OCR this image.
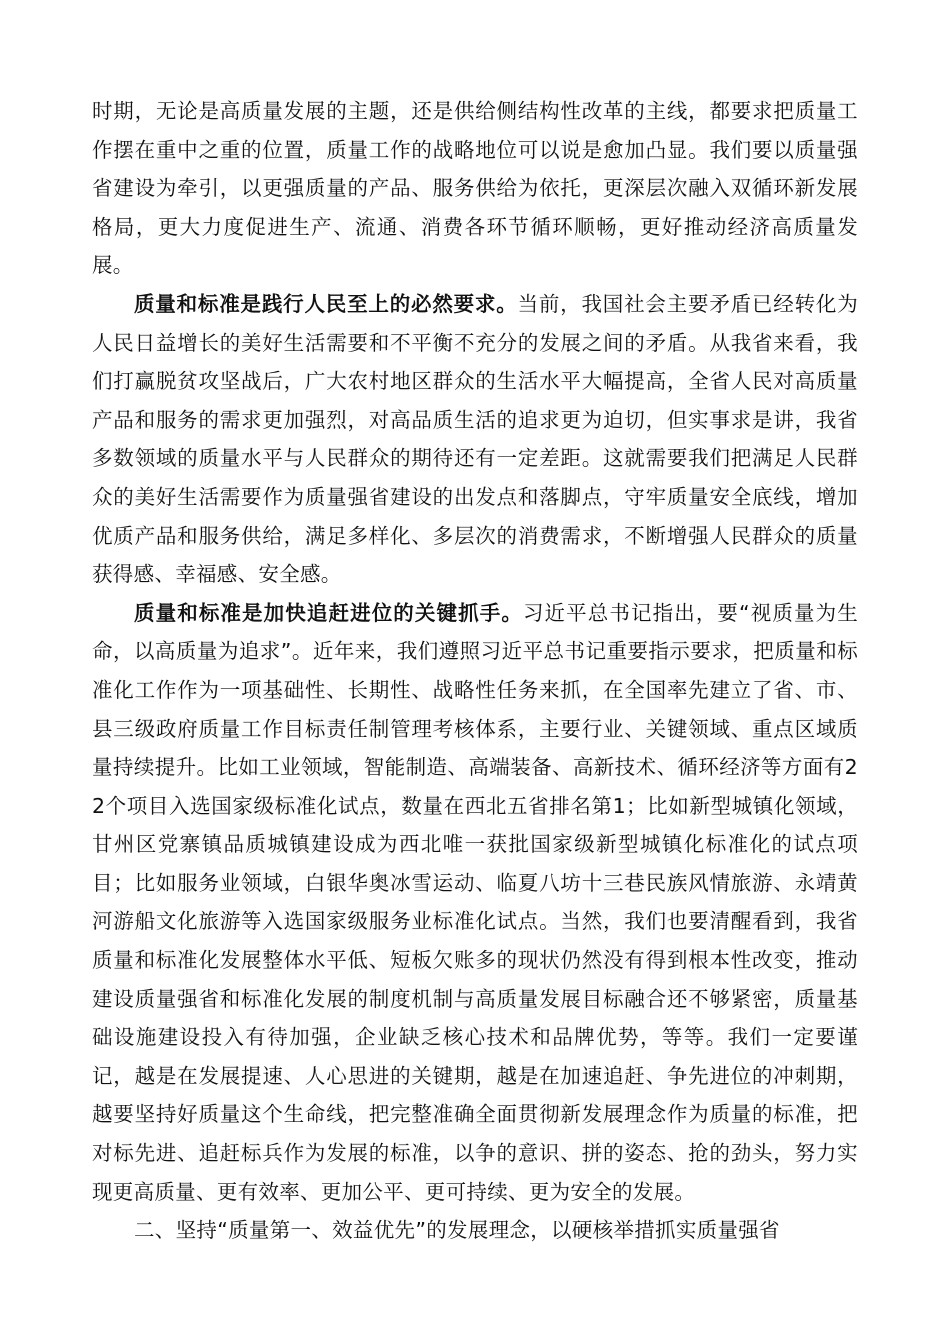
时期，无论是高质量发展的主题，还是供给侧结构性改革的主线，都要求把质量工作摆在重中之重的位置，质量工作的战略地位可以说是愈加凸显。我们要以质量强省建设为牵引，以更强质量的产品、服务供给为依托，更深层次融入双循环新发展格局，更大力度促进生产、流通、消费各环节循环顺畅，更好推动经济高质量发展。

质量和标准是践行人民至上的必然要求。当前，我国社会主要矛盾已经转化为人民日益增长的美好生活需要和不平衡不充分的发展之间的矛盾。从我省来看，我们打赢脱贫攻坚战后，广大农村地区群众的生活水平大幅提高，全省人民对高质量产品和服务的需求更加强烈，对高品质生活的追求更为迫切，但实事求是讲，我省多数领域的质量水平与人民群众的期待还有一定差距。这就需要我们把满足人民群众的美好生活需要作为质量强省建设的出发点和落脚点，守牢质量安全底线，增加优质产品和服务供给，满足多样化、多层次的消费需求，不断增强人民群众的质量获得感、幸福感、安全感。

质量和标准是加快追赶进位的关键抓手。习近平总书记指出，要“视质量为生命，以高质量为追求”。近年来，我们遵照习近平总书记重要指示要求，把质量和标准化工作作为一项基础性、长期性、战略性任务来抓，在全国率先建立了省、市、县三级政府质量工作目标责任制管理考核体系，主要行业、关键领域、重点区域质量持续提升。比如工业领域，智能制造、高端装备、高新技术、循环经济等方面有22个项目入选国家级标准化试点，数量在西北五省排名第1；比如新型城镇化领域，甘州区党寨镇品质城镇建设成为西北唯一获批国家级新型城镇化标准化的试点项目；比如服务业领域，白银华奥冰雪运动、临夏八坊十三巷民族风情旅游、永靖黄河游船文化旅游等入选国家级服务业标准化试点。当然，我们也要清醒看到，我省质量和标准化发展整体水平低、短板欠账多的现状仍然没有得到根本性改变，推动建设质量强省和标准化发展的制度机制与高质量发展目标融合还不够紧密，质量基础设施建设投入有待加强，企业缺乏核心技术和品牌优势，等等。我们一定要谨记，越是在发展提速、人心思进的关键期，越是在加速追赶、争先进位的冲刺期，越要坚持好质量这个生命线，把完整准确全面贯彻新发展理念作为质量的标准，把对标先进、追赶标兵作为发展的标准，以争的意识、拼的姿态、抢的劲头，努力实现更高质量、更有效率、更加公平、更可持续、更为安全的发展。

二、坚持“质量第一、效益优先”的发展理念，以硬核举措抓实质量强省
